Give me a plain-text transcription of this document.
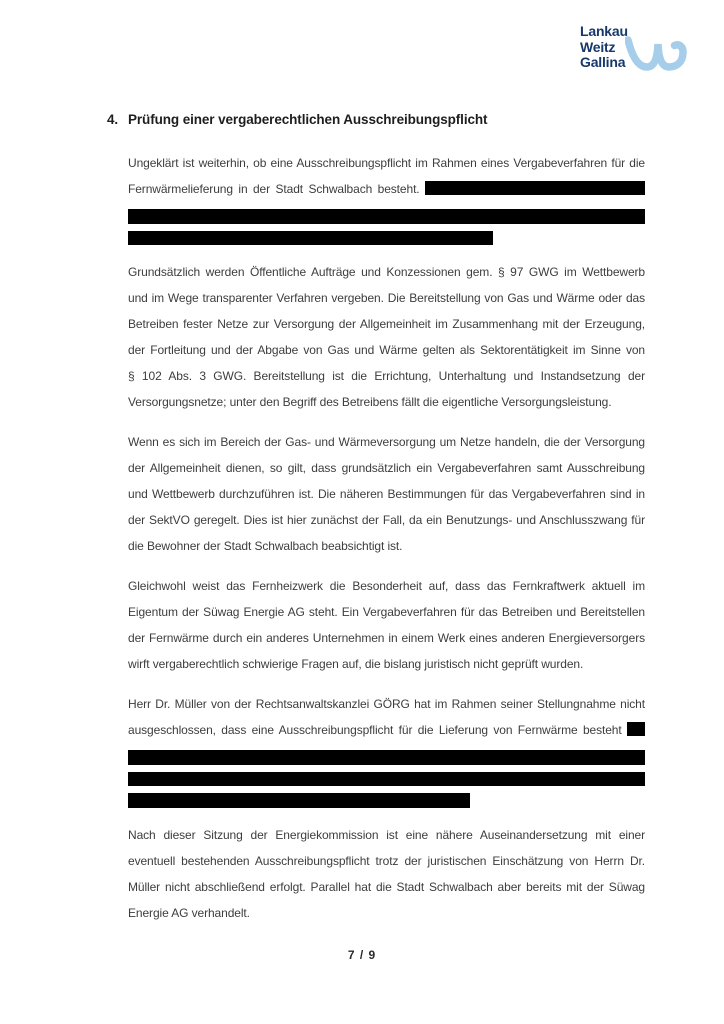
Lankau
Weitz
Gallina
4. Prüfung einer vergaberechtlichen Ausschreibungspflicht
Ungeklärt ist weiterhin, ob eine Ausschreibungspflicht im Rahmen eines Vergabeverfahren für die
Fernwärmelieferung in der Stadt Schwalbach besteht.
Grundsätzlich werden Öffentliche Aufträge und Konzessionen gem. § 97 GWG im Wettbewerb
und im Wege transparenter Verfahren vergeben. Die Bereitstellung von Gas und Wärme oder das
Betreiben fester Netze zur Versorgung der Allgemeinheit im Zusammenhang mit der Erzeugung,
der Fortleitung und der Abgabe von Gas und Wärme gelten als Sektorentätigkeit im Sinne von
§ 102 Abs. 3 GWG. Bereitstellung ist die Errichtung, Unterhaltung und Instandsetzung der
Versorgungsnetze; unter den Begriff des Betreibens fällt die eigentliche Versorgungsleistung.
Wenn es sich im Bereich der Gas- und Wärmeversorgung um Netze handeln, die der Versorgung
der Allgemeinheit dienen, so gilt, dass grundsätzlich ein Vergabeverfahren samt Ausschreibung
und Wettbewerb durchzuführen ist. Die näheren Bestimmungen für das Vergabeverfahren sind in
der SektVO geregelt. Dies ist hier zunächst der Fall, da ein Benutzungs- und Anschlusszwang für
die Bewohner der Stadt Schwalbach beabsichtigt ist.
Gleichwohl weist das Fernheizwerk die Besonderheit auf, dass das Fernkraftwerk aktuell im
Eigentum der Süwag Energie AG steht. Ein Vergabeverfahren für das Betreiben und Bereitstellen
der Fernwärme durch ein anderes Unternehmen in einem Werk eines anderen Energieversorgers
wirft vergaberechtlich schwierige Fragen auf, die bislang juristisch nicht geprüft wurden.
Herr Dr. Müller von der Rechtsanwaltskanzlei GÖRG hat im Rahmen seiner Stellungnahme nicht
ausgeschlossen, dass eine Ausschreibungspflicht für die Lieferung von Fernwärme besteht
Nach dieser Sitzung der Energiekommission ist eine nähere Auseinandersetzung mit einer
eventuell bestehenden Ausschreibungspflicht trotz der juristischen Einschätzung von Herrn Dr.
Müller nicht abschließend erfolgt. Parallel hat die Stadt Schwalbach aber bereits mit der Süwag
Energie AG verhandelt.
7 / 9
